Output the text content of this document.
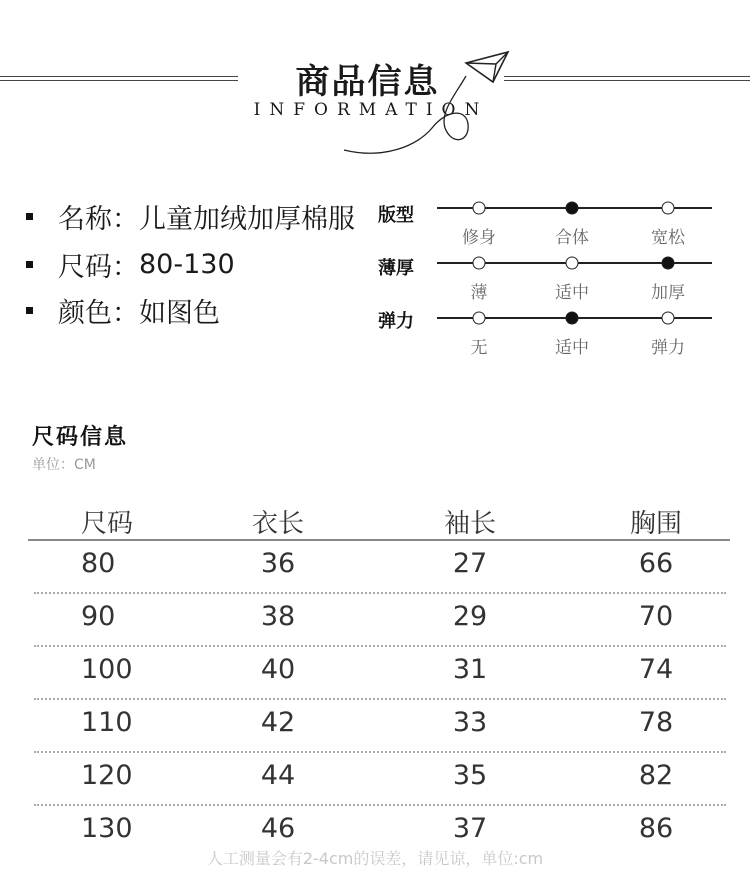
商品信息
INFORMATION
名称： 儿童加绒加厚棉服
尺码： 80-130
颜色： 如图色
版型
修身	合体	宽松
薄厚
薄	适中	加厚
弹力
无	适中	弹力
尺码信息
单位：CM
尺码	衣长	袖长	胸围
80	36	27	66
90	38	29	70
100	40	31	74
110	42	33	78
120	44	35	82
130	46	37	86
人工测量会有2-4cm的误差，请见谅，单位:cm
